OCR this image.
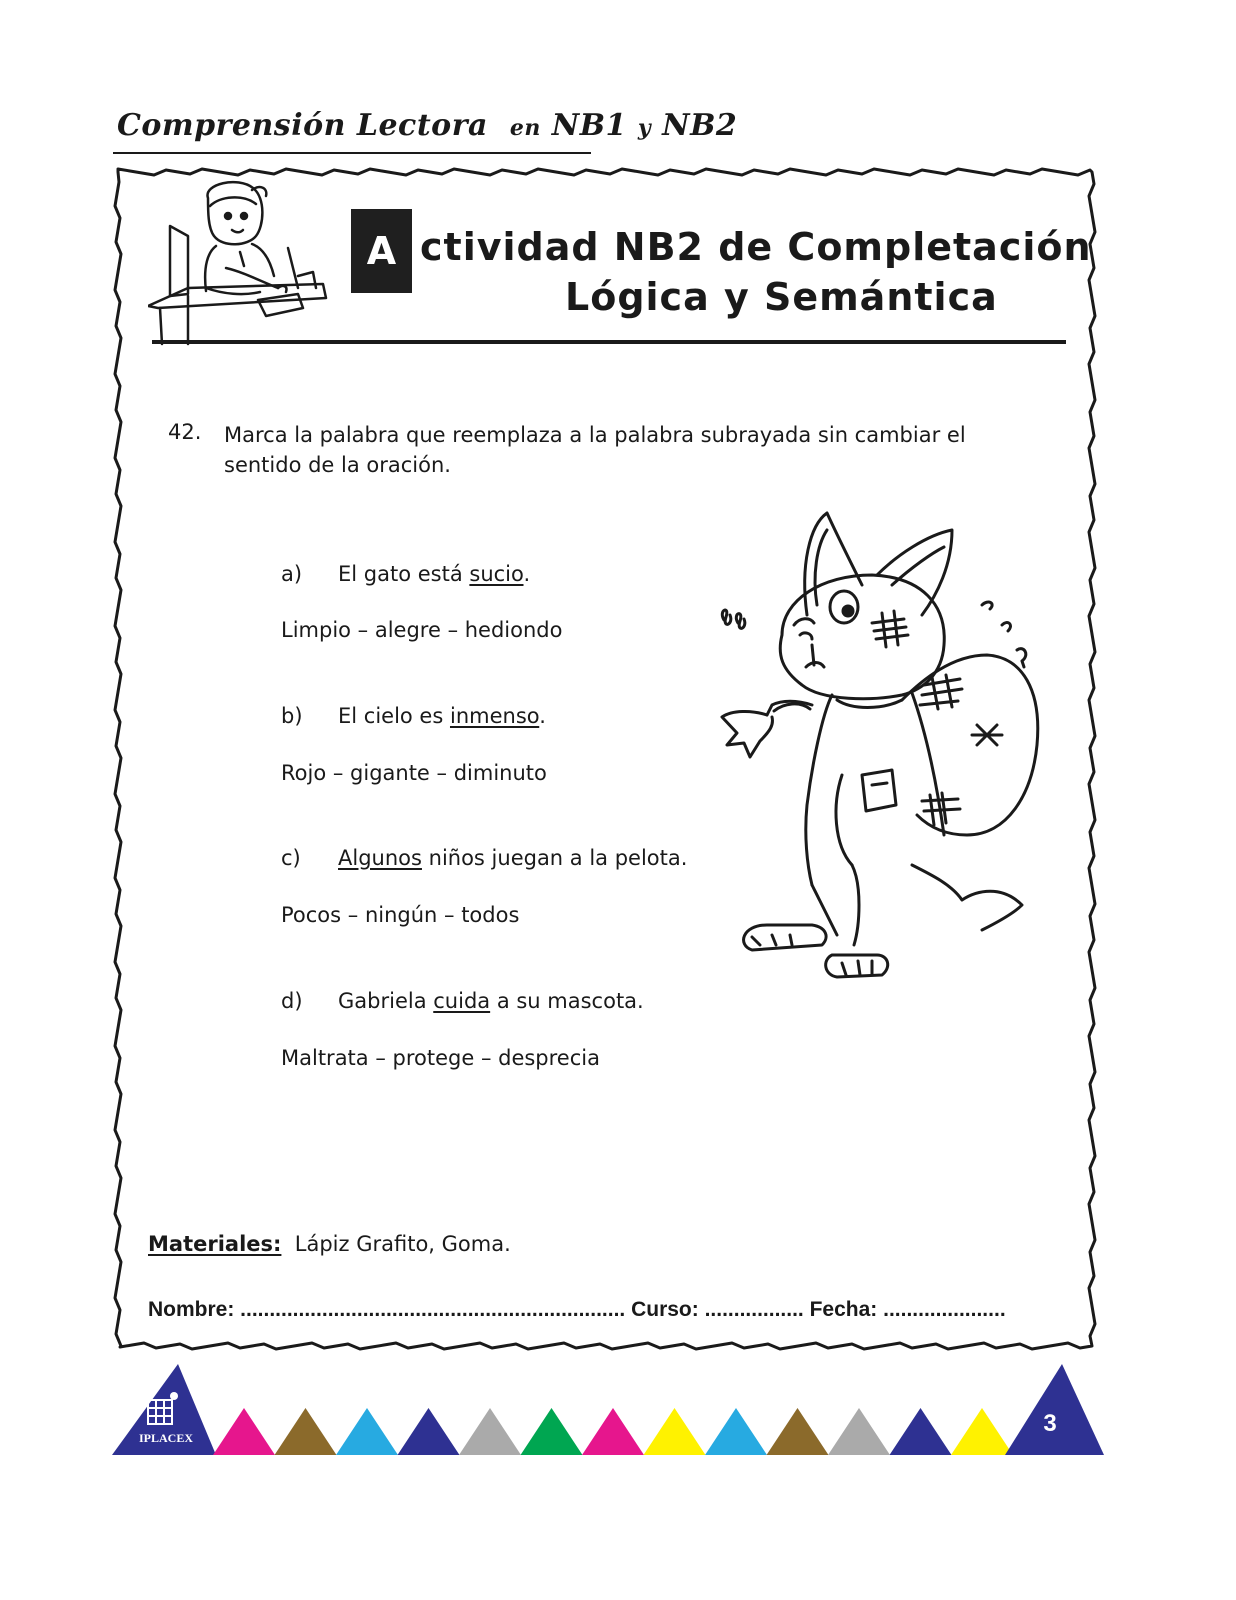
Comprensión Lectora en NB1 y NB2
A ctividad NB2 de Completación
Lógica y Semántica
42. Marca la palabra que reemplaza a la palabra subrayada sin cambiar el sentido de la oración.
a) El gato está sucio.
Limpio – alegre – hediondo
b) El cielo es inmenso.
Rojo – gigante – diminuto
c) Algunos niños juegan a la pelota.
Pocos – ningún – todos
d) Gabriela cuida a su mascota.
Maltrata – protege – desprecia
Materiales: Lápiz Grafito, Goma.
Nombre: .................................................................. Curso: ................. Fecha: .....................
IPLACEX
3
